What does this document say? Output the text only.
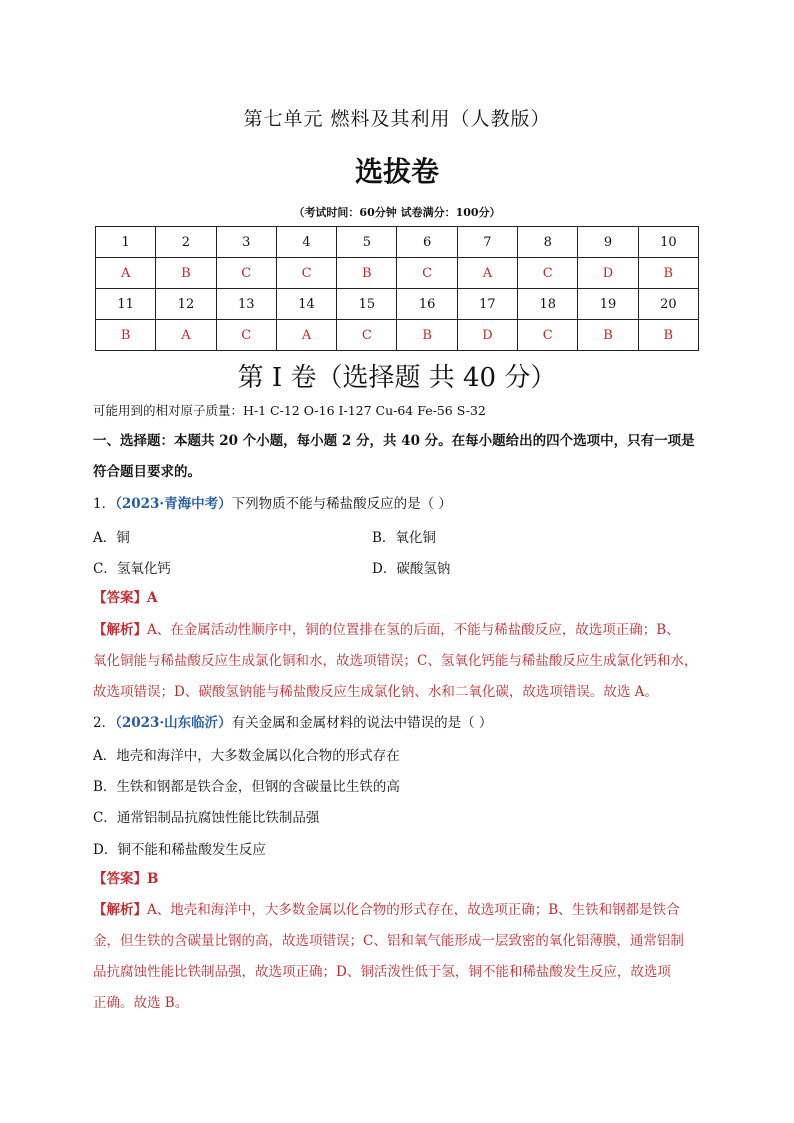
第七单元 燃料及其利用（人教版）
选拔卷
（考试时间：60分钟 试卷满分：100分）
1	2	3	4	5	6	7	8	9	10
A	B	C	C	B	C	A	C	D	B
11	12	13	14	15	16	17	18	19	20
B	A	C	A	C	B	D	C	B	B
第 I 卷（选择题 共 40 分）
可能用到的相对原子质量：H-1 C-12 O-16 I-127 Cu-64 Fe-56 S-32
一、选择题：本题共 20 个小题，每小题 2 分，共 40 分。在每小题给出的四个选项中，只有一项是
符合题目要求的。
1．（2023·青海中考）下列物质不能与稀盐酸反应的是（ ）
A．铜	B．氧化铜
C．氢氧化钙	D．碳酸氢钠
【答案】A
【解析】A、在金属活动性顺序中，铜的位置排在氢的后面，不能与稀盐酸反应，故选项正确；B、
氧化铜能与稀盐酸反应生成氯化铜和水，故选项错误；C、氢氧化钙能与稀盐酸反应生成氯化钙和水，
故选项错误；D、碳酸氢钠能与稀盐酸反应生成氯化钠、水和二氧化碳，故选项错误。故选 A。
2．（2023·山东临沂）有关金属和金属材料的说法中错误的是（ ）
A．地壳和海洋中，大多数金属以化合物的形式存在
B．生铁和钢都是铁合金，但钢的含碳量比生铁的高
C．通常铝制品抗腐蚀性能比铁制品强
D．铜不能和稀盐酸发生反应
【答案】B
【解析】A、地壳和海洋中，大多数金属以化合物的形式存在，故选项正确；B、生铁和钢都是铁合
金，但生铁的含碳量比钢的高，故选项错误；C、铝和氧气能形成一层致密的氧化铝薄膜，通常铝制
品抗腐蚀性能比铁制品强，故选项正确；D、铜活泼性低于氢，铜不能和稀盐酸发生反应，故选项
正确。故选 B。
